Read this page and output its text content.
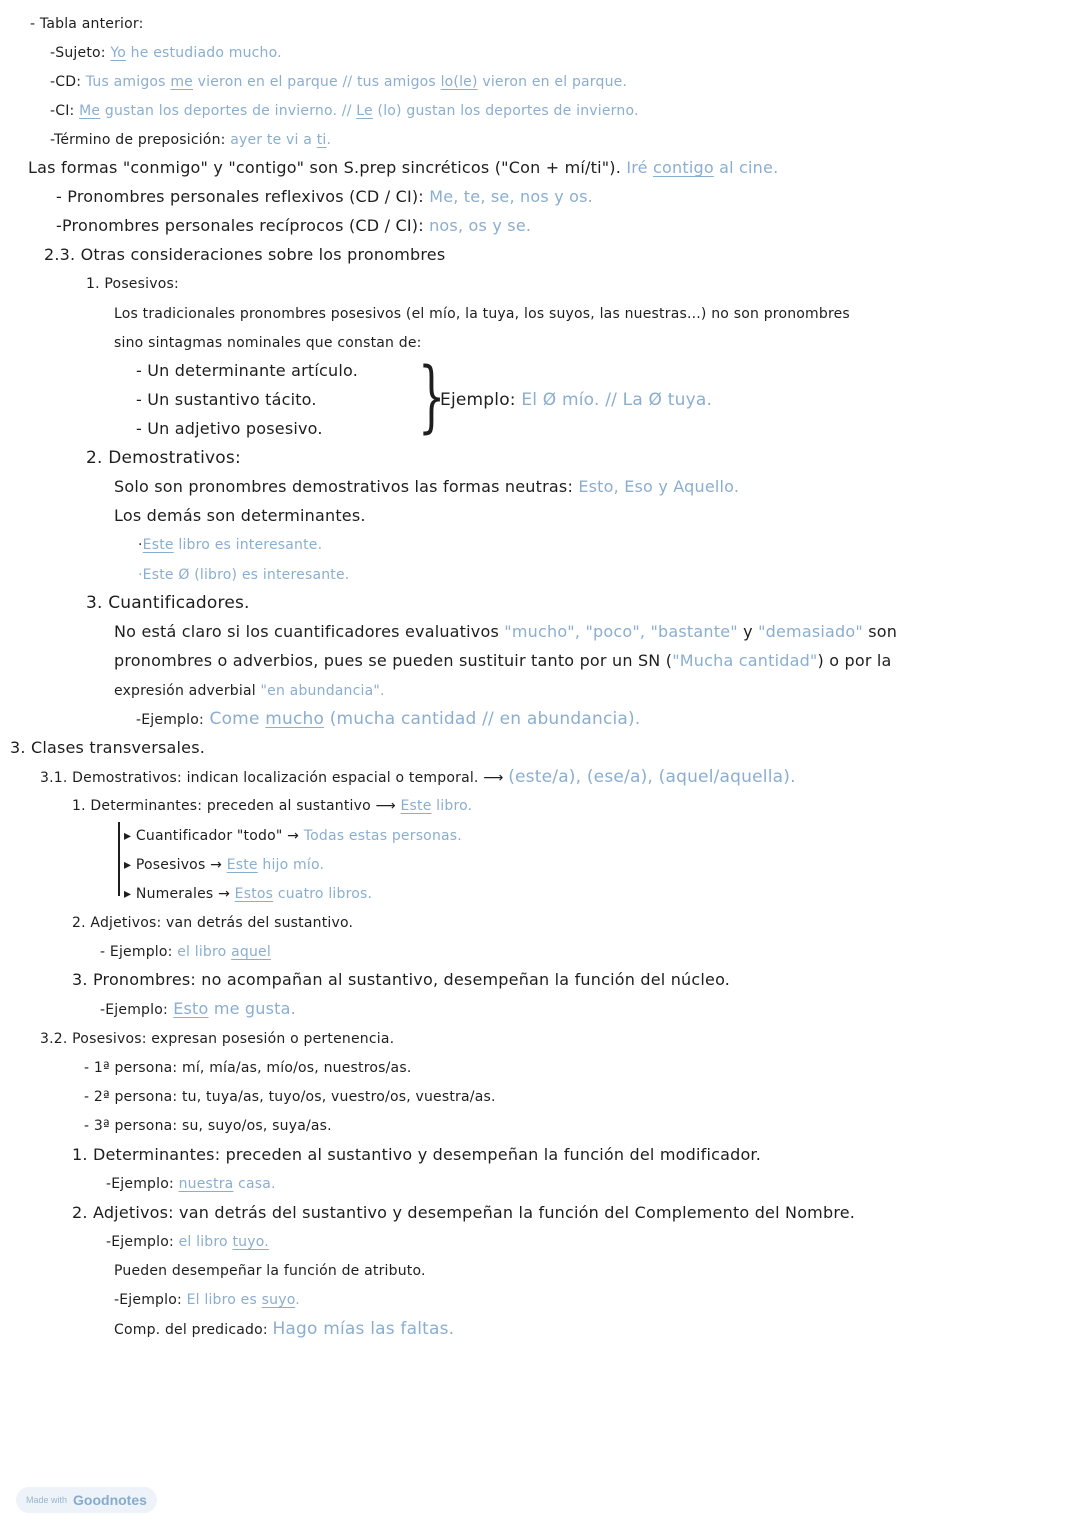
- Tabla anterior:
-Sujeto: Yo he estudiado mucho.
-CD: Tus amigos me vieron en el parque // tus amigos lo(le) vieron en el parque.
-CI: Me gustan los deportes de invierno. // Le (lo) gustan los deportes de invierno.
-Término de preposición: ayer te vi a ti.
Las formas "conmigo" y "contigo" son S.prep sincréticos ("Con + mí/ti"). Iré contigo al cine.
- Pronombres personales reflexivos (CD / CI): Me, te, se, nos y os.
-Pronombres personales recíprocos (CD / CI): nos, os y se.
2.3. Otras consideraciones sobre los pronombres
1. Posesivos:
Los tradicionales pronombres posesivos (el mío, la tuya, los suyos, las nuestras...) no son pronombres
sino sintagmas nominales que constan de:
- Un determinante artículo.
- Un sustantivo tácito.
- Un adjetivo posesivo. }
Ejemplo: El Ø mío. // La Ø tuya.
2. Demostrativos:
Solo son pronombres demostrativos las formas neutras: Esto, Eso y Aquello.
Los demás son determinantes.
·Este libro es interesante.
·Este Ø (libro) es interesante.
3. Cuantificadores.
No está claro si los cuantificadores evaluativos "mucho", "poco", "bastante" y "demasiado" son
pronombres o adverbios, pues se pueden sustituir tanto por un SN ("Mucha cantidad") o por la
expresión adverbial "en abundancia".
-Ejemplo: Come mucho (mucha cantidad // en abundancia).
3. Clases transversales.
3.1. Demostrativos: indican localización espacial o temporal. ⟶ (este/a), (ese/a), (aquel/aquella).
1. Determinantes: preceden al sustantivo ⟶ Este libro.
▸ Cuantificador "todo" → Todas estas personas.
▸ Posesivos → Este hijo mío.
▸ Numerales → Estos cuatro libros.
2. Adjetivos: van detrás del sustantivo.
- Ejemplo: el libro aquel
3. Pronombres: no acompañan al sustantivo, desempeñan la función del núcleo.
-Ejemplo: Esto me gusta.
3.2. Posesivos: expresan posesión o pertenencia.
- 1ª persona: mí, mía/as, mío/os, nuestros/as.
- 2ª persona: tu, tuya/as, tuyo/os, vuestro/os, vuestra/as.
- 3ª persona: su, suyo/os, suya/as.
1. Determinantes: preceden al sustantivo y desempeñan la función del modificador.
-Ejemplo: nuestra casa.
2. Adjetivos: van detrás del sustantivo y desempeñan la función del Complemento del Nombre.
-Ejemplo: el libro tuyo.
Pueden desempeñar la función de atributo.
-Ejemplo: El libro es suyo.
Comp. del predicado: Hago mías las faltas.
Made with Goodnotes
